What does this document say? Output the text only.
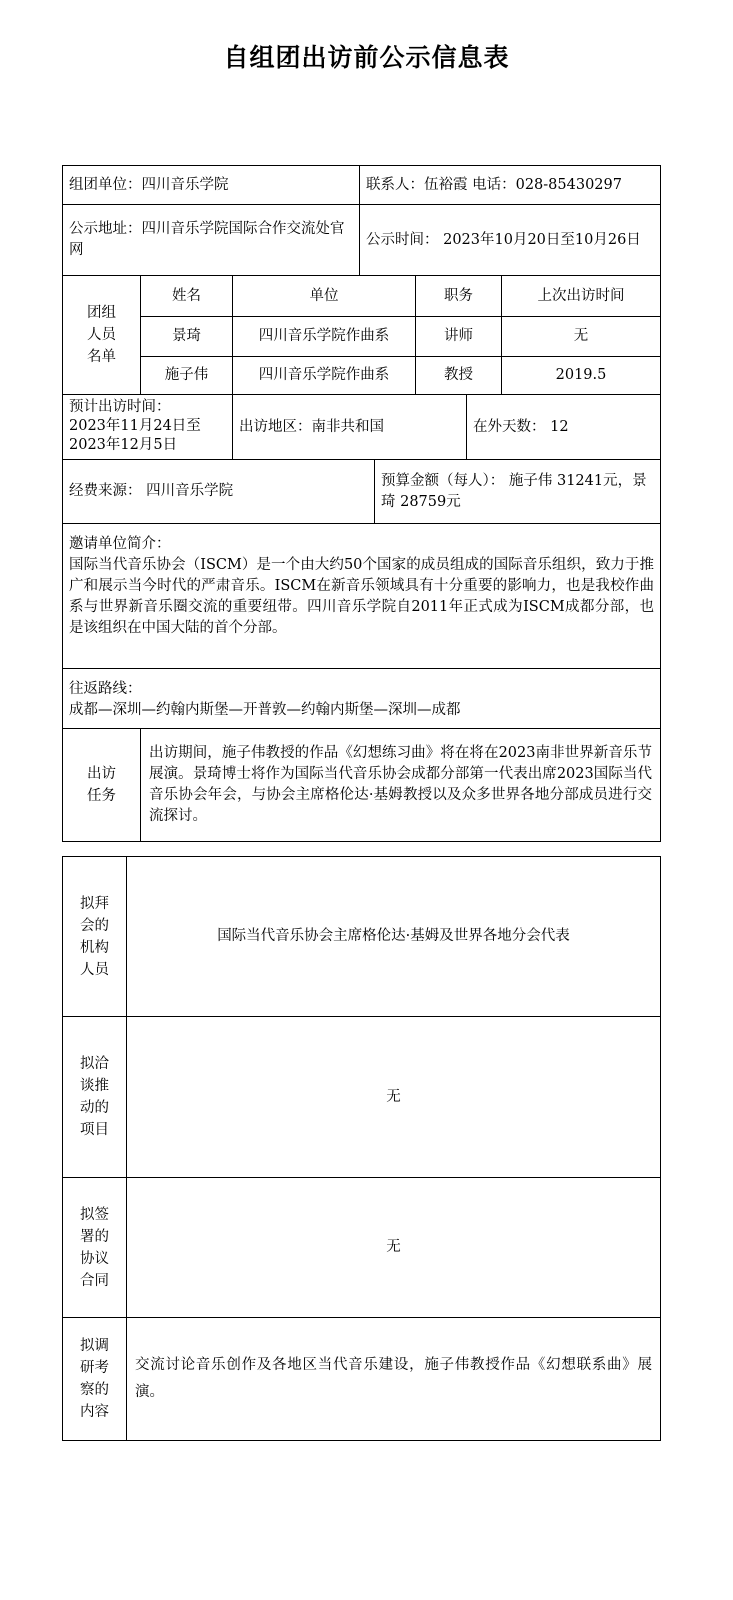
自组团出访前公示信息表
组团单位：四川音乐学院	联系人：伍裕霞 电话：028-85430297
公示地址：四川音乐学院国际合作交流处官网
公示时间： 2023年10月20日至10月26日
团组人员名单
姓名	单位	职务	上次出访时间
景琦	四川音乐学院作曲系	讲师	无
施子伟	四川音乐学院作曲系	教授	2019.5
预计出访时间：
2023年11月24日至2023年12月5日
出访地区：南非共和国	在外天数： 12
经费来源： 四川音乐学院
预算金额（每人）： 施子伟 31241元，景琦 28759元
邀请单位简介：
国际当代音乐协会（ISCM）是一个由大约50个国家的成员组成的国际音乐组织，致力于推广和展示当今时代的严肃音乐。ISCM在新音乐领域具有十分重要的影响力，也是我校作曲系与世界新音乐圈交流的重要纽带。四川音乐学院自2011年正式成为ISCM成都分部，也是该组织在中国大陆的首个分部。
往返路线：
成都—深圳—约翰内斯堡—开普敦—约翰内斯堡—深圳—成都
出访任务
出访期间，施子伟教授的作品《幻想练习曲》将在将在2023南非世界新音乐节展演。景琦博士将作为国际当代音乐协会成都分部第一代表出席2023国际当代音乐协会年会，与协会主席格伦达·基姆教授以及众多世界各地分部成员进行交流探讨。
拟拜会的机构人员
国际当代音乐协会主席格伦达·基姆及世界各地分会代表
拟洽谈推动的项目
无
拟签署的协议合同
无
拟调研考察的内容
交流讨论音乐创作及各地区当代音乐建设，施子伟教授作品《幻想联系曲》展演。
